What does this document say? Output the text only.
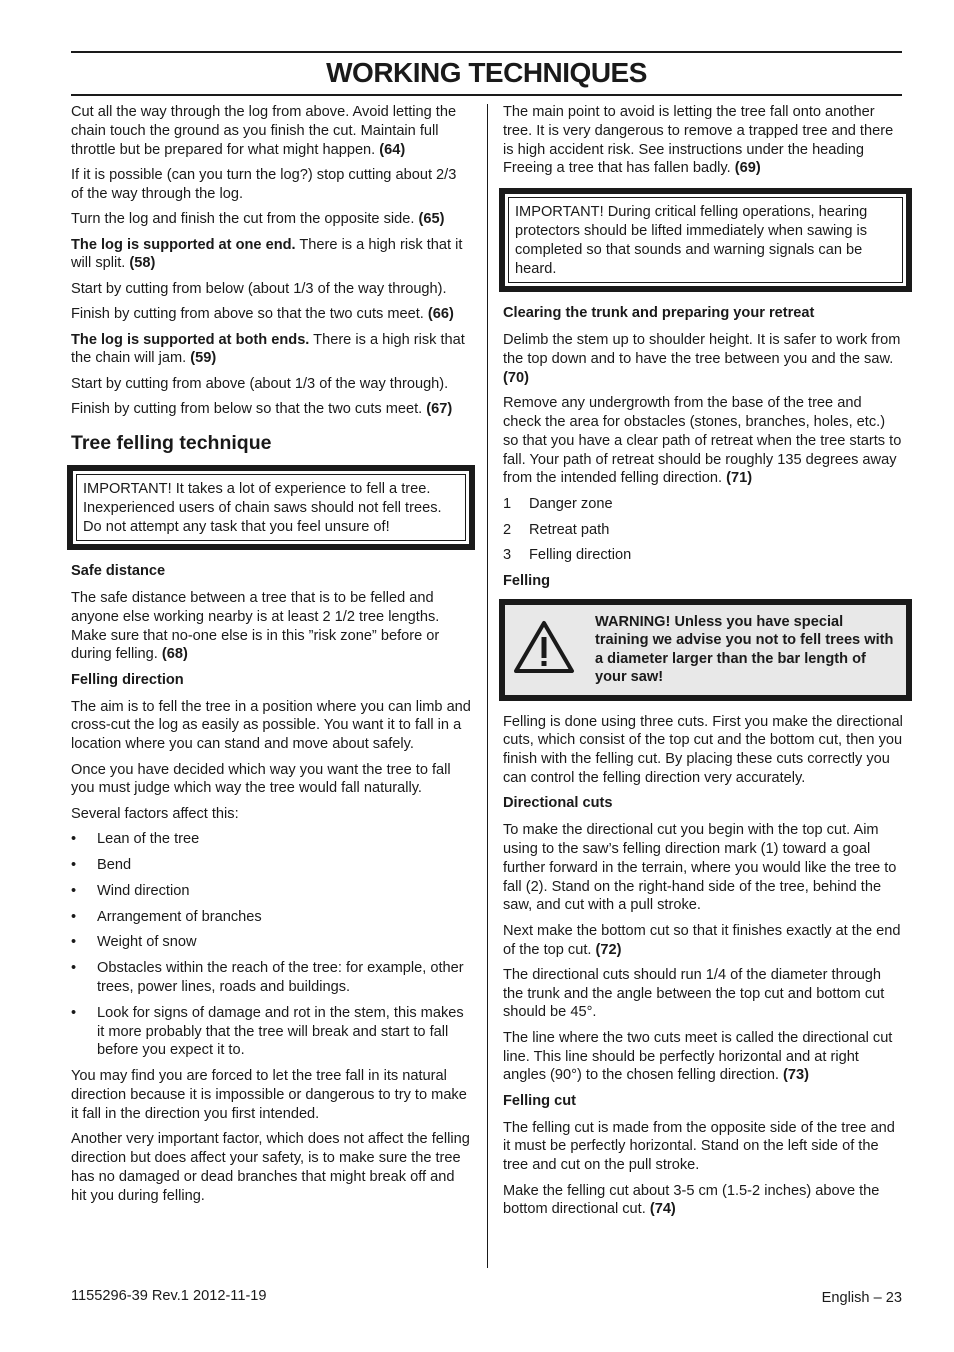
WORKING TECHNIQUES

Cut all the way through the log from above. Avoid letting the chain touch the ground as you finish the cut. Maintain full throttle but be prepared for what might happen. (64)

If it is possible (can you turn the log?) stop cutting about 2/3 of the way through the log.

Turn the log and finish the cut from the opposite side. (65)

The log is supported at one end. There is a high risk that it will split. (58)

Start by cutting from below (about 1/3 of the way through).

Finish by cutting from above so that the two cuts meet. (66)

The log is supported at both ends. There is a high risk that the chain will jam. (59)

Start by cutting from above (about 1/3 of the way through).

Finish by cutting from below so that the two cuts meet. (67)

Tree felling technique
IMPORTANT! It takes a lot of experience to fell a tree. Inexperienced users of chain saws should not fell trees. Do not attempt any task that you feel unsure of!
Safe distance

The safe distance between a tree that is to be felled and anyone else working nearby is at least 2 1/2 tree lengths. Make sure that no-one else is in this ”risk zone” before or during felling. (68)

Felling direction

The aim is to fell the tree in a position where you can limb and cross-cut the log as easily as possible. You want it to fall in a location where you can stand and move about safely.

Once you have decided which way you want the tree to fall you must judge which way the tree would fall naturally.

Several factors affect this:

• Lean of the tree
• Bend
• Wind direction
• Arrangement of branches
• Weight of snow
• Obstacles within the reach of the tree: for example, other trees, power lines, roads and buildings.
• Look for signs of damage and rot in the stem, this makes it more probably that the tree will break and start to fall before you expect it to.

You may find you are forced to let the tree fall in its natural direction because it is impossible or dangerous to try to make it fall in the direction you first intended.

Another very important factor, which does not affect the felling direction but does affect your safety, is to make sure the tree has no damaged or dead branches that might break off and hit you during felling.

The main point to avoid is letting the tree fall onto another tree. It is very dangerous to remove a trapped tree and there is high accident risk. See instructions under the heading Freeing a tree that has fallen badly. (69)

IMPORTANT! During critical felling operations, hearing protectors should be lifted immediately when sawing is completed so that sounds and warning signals can be heard.
Clearing the trunk and preparing your retreat

Delimb the stem up to shoulder height. It is safer to work from the top down and to have the tree between you and the saw.   (70)

Remove any undergrowth from the base of the tree and check the area for obstacles (stones, branches, holes, etc.) so that you have a clear path of retreat when the tree starts to fall. Your path of retreat should be roughly 135 degrees away from the intended felling direction. (71)

1	Danger zone
2	Retreat path
3	Felling direction
Felling
WARNING! Unless you have special training we advise you not to fell trees with a diameter larger than the bar length of your saw!

Felling is done using three cuts. First you make the directional cuts, which consist of the top cut and the bottom cut, then you finish with the felling cut. By placing these cuts correctly you can control the felling direction very accurately.

Directional cuts

To make the directional cut you begin with the top cut. Aim using to the saw’s felling direction mark (1) toward a goal further forward in the terrain, where you would like the tree to fall (2). Stand on the right-hand side of the tree, behind the saw, and cut with a pull stroke.

Next make the bottom cut so that it finishes exactly at the end of the top cut. (72)

The directional cuts should run 1/4 of the diameter through the trunk and the angle between the top cut and bottom cut should be 45°.

The line where the two cuts meet is called the directional cut line. This line should be perfectly horizontal and at right angles (90°) to the chosen felling direction. (73)

Felling cut

The felling cut is made from the opposite side of the tree and it must be perfectly horizontal. Stand on the left side of the tree and cut on the pull stroke.

Make the felling cut about 3-5 cm (1.5-2 inches) above the bottom directional cut. (74)

1155296-39 Rev.1 2012-11-19	English – 23
